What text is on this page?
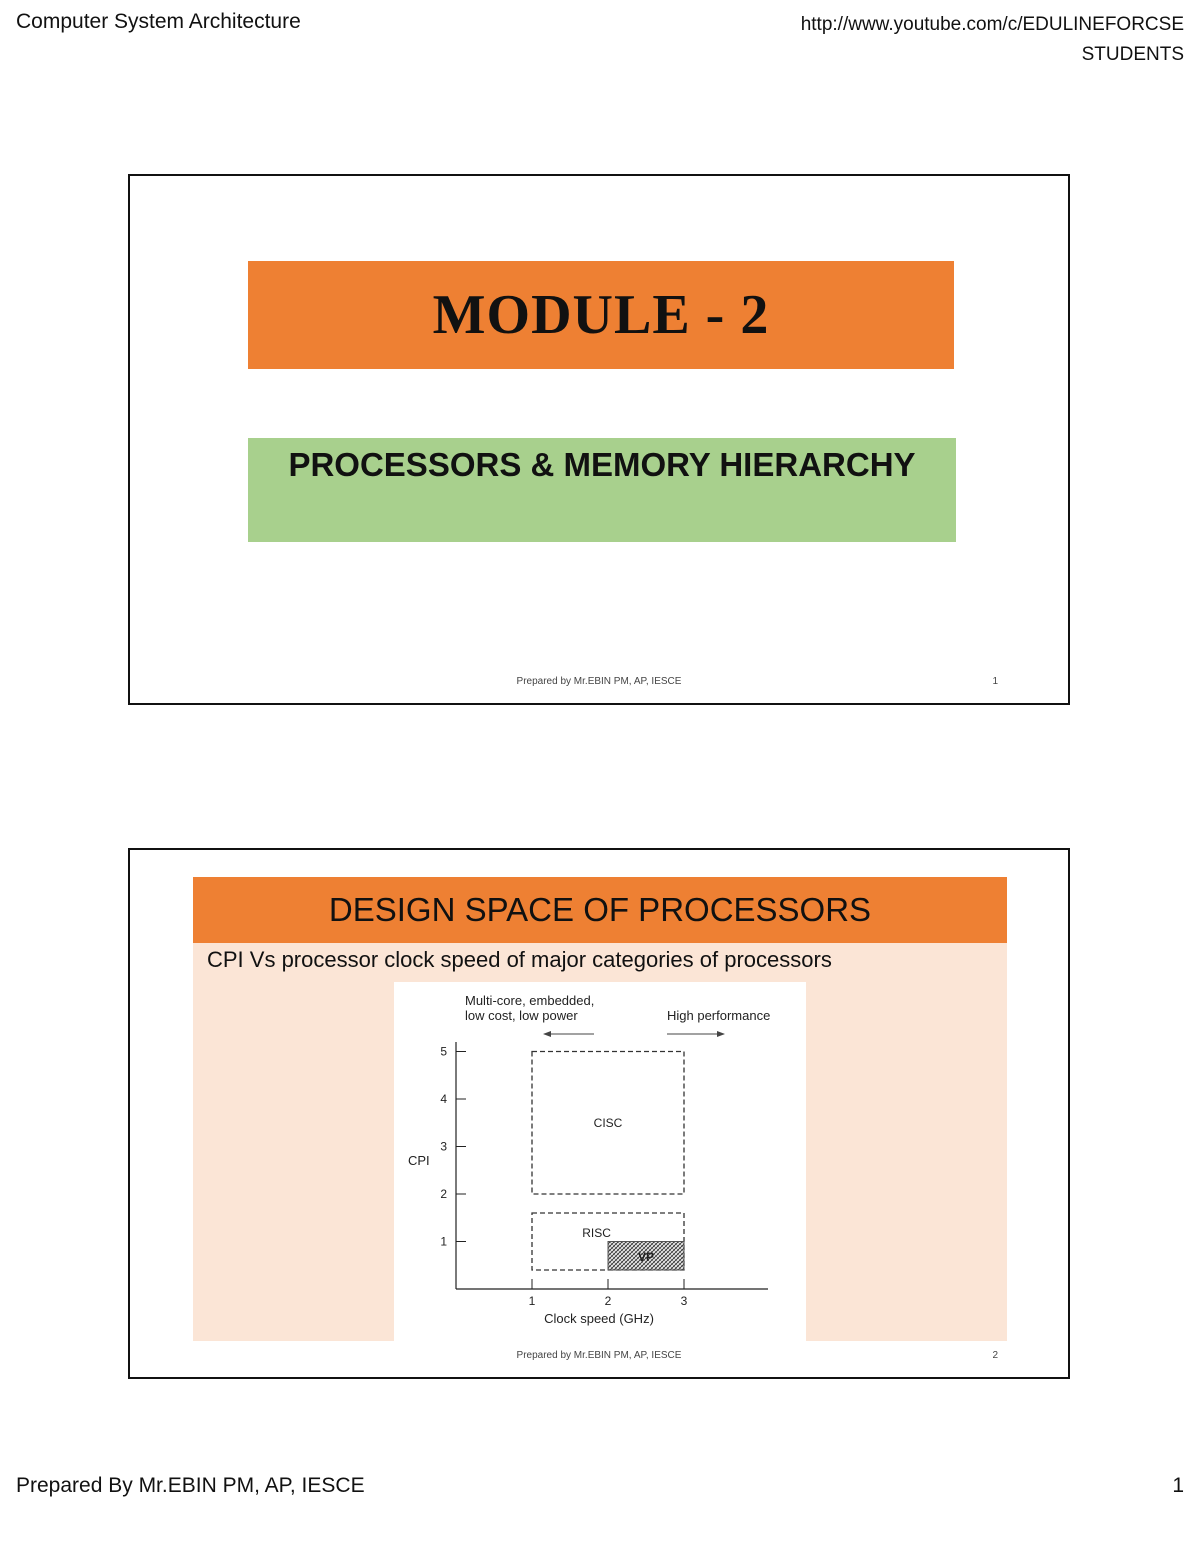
Computer System Architecture	http://www.youtube.com/c/EDULINEFORCSE
STUDENTS
MODULE - 2
PROCESSORS & MEMORY HIERARCHY
Prepared by Mr.EBIN PM, AP, IESCE	1
DESIGN SPACE OF PROCESSORS
CPI Vs processor clock speed of major categories of processors
Multi-core, embedded,
low cost, low power	High performance
CPI
Clock speed (GHz)
1
2
3
4
5
1	2	3
CISC
RISC
VP
Prepared by Mr.EBIN PM, AP, IESCE	2
Prepared By Mr.EBIN PM, AP, IESCE	1
